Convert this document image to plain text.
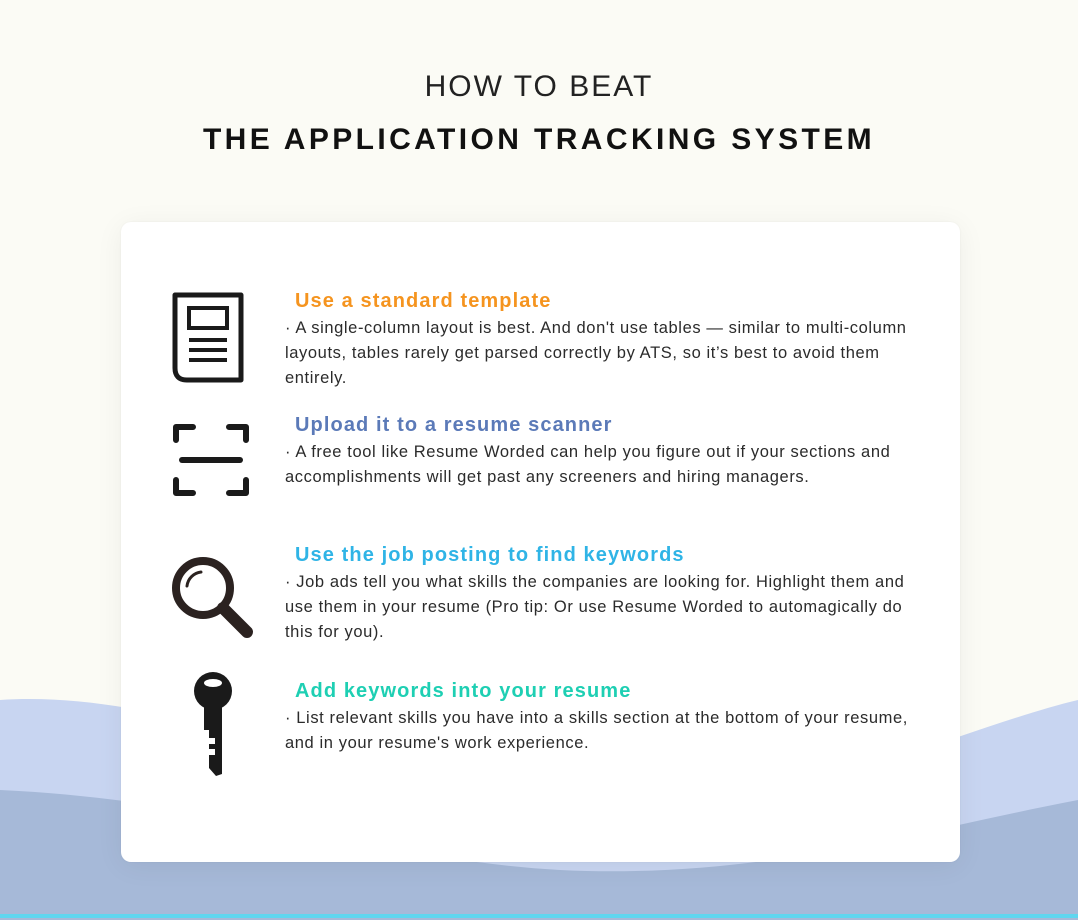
HOW TO BEAT
THE APPLICATION TRACKING SYSTEM

Use a standard template

· A single-column layout is best. And don't use tables — similar to multi-column layouts, tables rarely get parsed correctly by ATS, so it’s best to avoid them entirely.

Upload it to a resume scanner

· A free tool like Resume Worded can help you figure out if your sections and accomplishments will get past any screeners and hiring managers.

Use the job posting to find keywords

· Job ads tell you what skills the companies are looking for. Highlight them and use them in your resume (Pro tip: Or use Resume Worded to automagically do this for you).

Add keywords into your resume

· List relevant skills you have into a skills section at the bottom of your resume, and in your resume's work experience.
